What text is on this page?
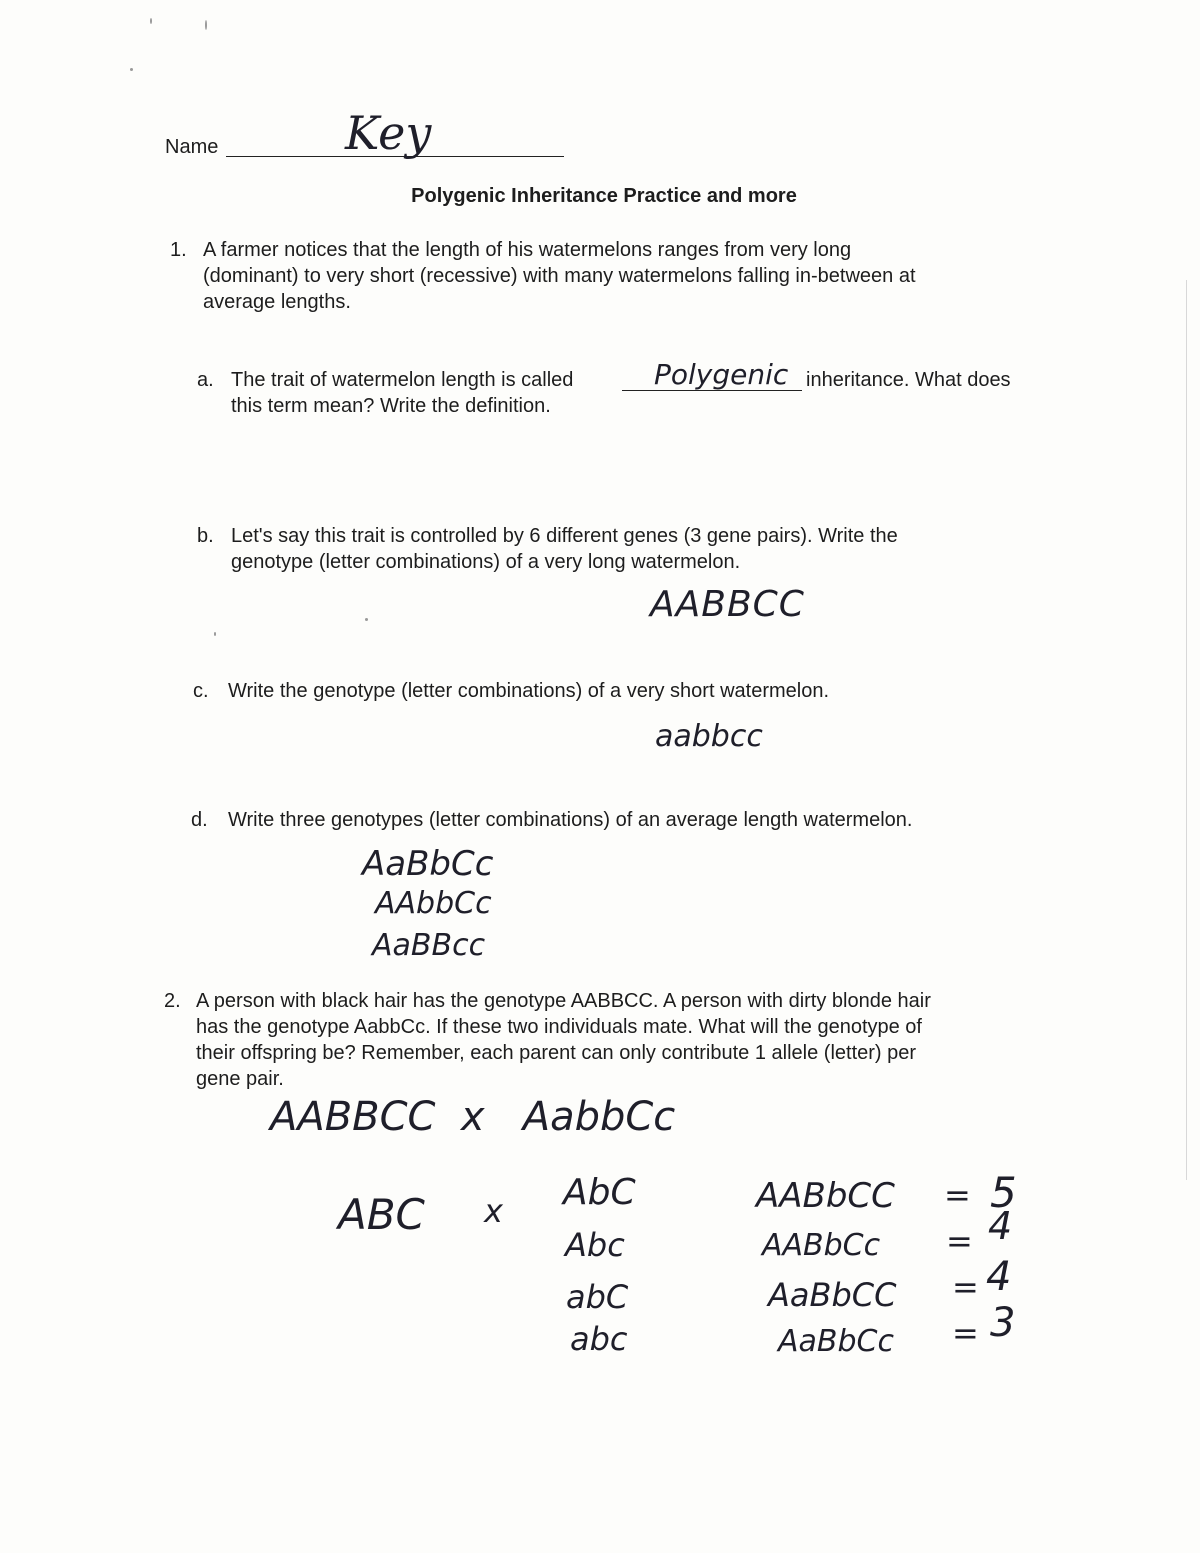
Name	Key
Polygenic Inheritance Practice and more
1. A farmer notices that the length of his watermelons ranges from very long
(dominant) to very short (recessive) with many watermelons falling in-between at
average lengths.
a. The trait of watermelon length is called	Polygenic inheritance. What does
this term mean? Write the definition.
b. Let's say this trait is controlled by 6 different genes (3 gene pairs). Write the
genotype (letter combinations) of a very long watermelon.
AABBCC
c. Write the genotype (letter combinations) of a very short watermelon.
aabbcc
d. Write three genotypes (letter combinations) of an average length watermelon.
AaBbCc
AAbbCc
AaBBcc
2. A person with black hair has the genotype AABBCC. A person with dirty blonde hair
has the genotype AabbCc. If these two individuals mate. What will the genotype of
their offspring be? Remember, each parent can only contribute 1 allele (letter) per
gene pair.
AABBCC  x   AabbCc
ABC x AbC
Abc
abC
abc
AABbCC = 5
AABbCc = 4
AaBbCC = 4
AaBbCc = 3
